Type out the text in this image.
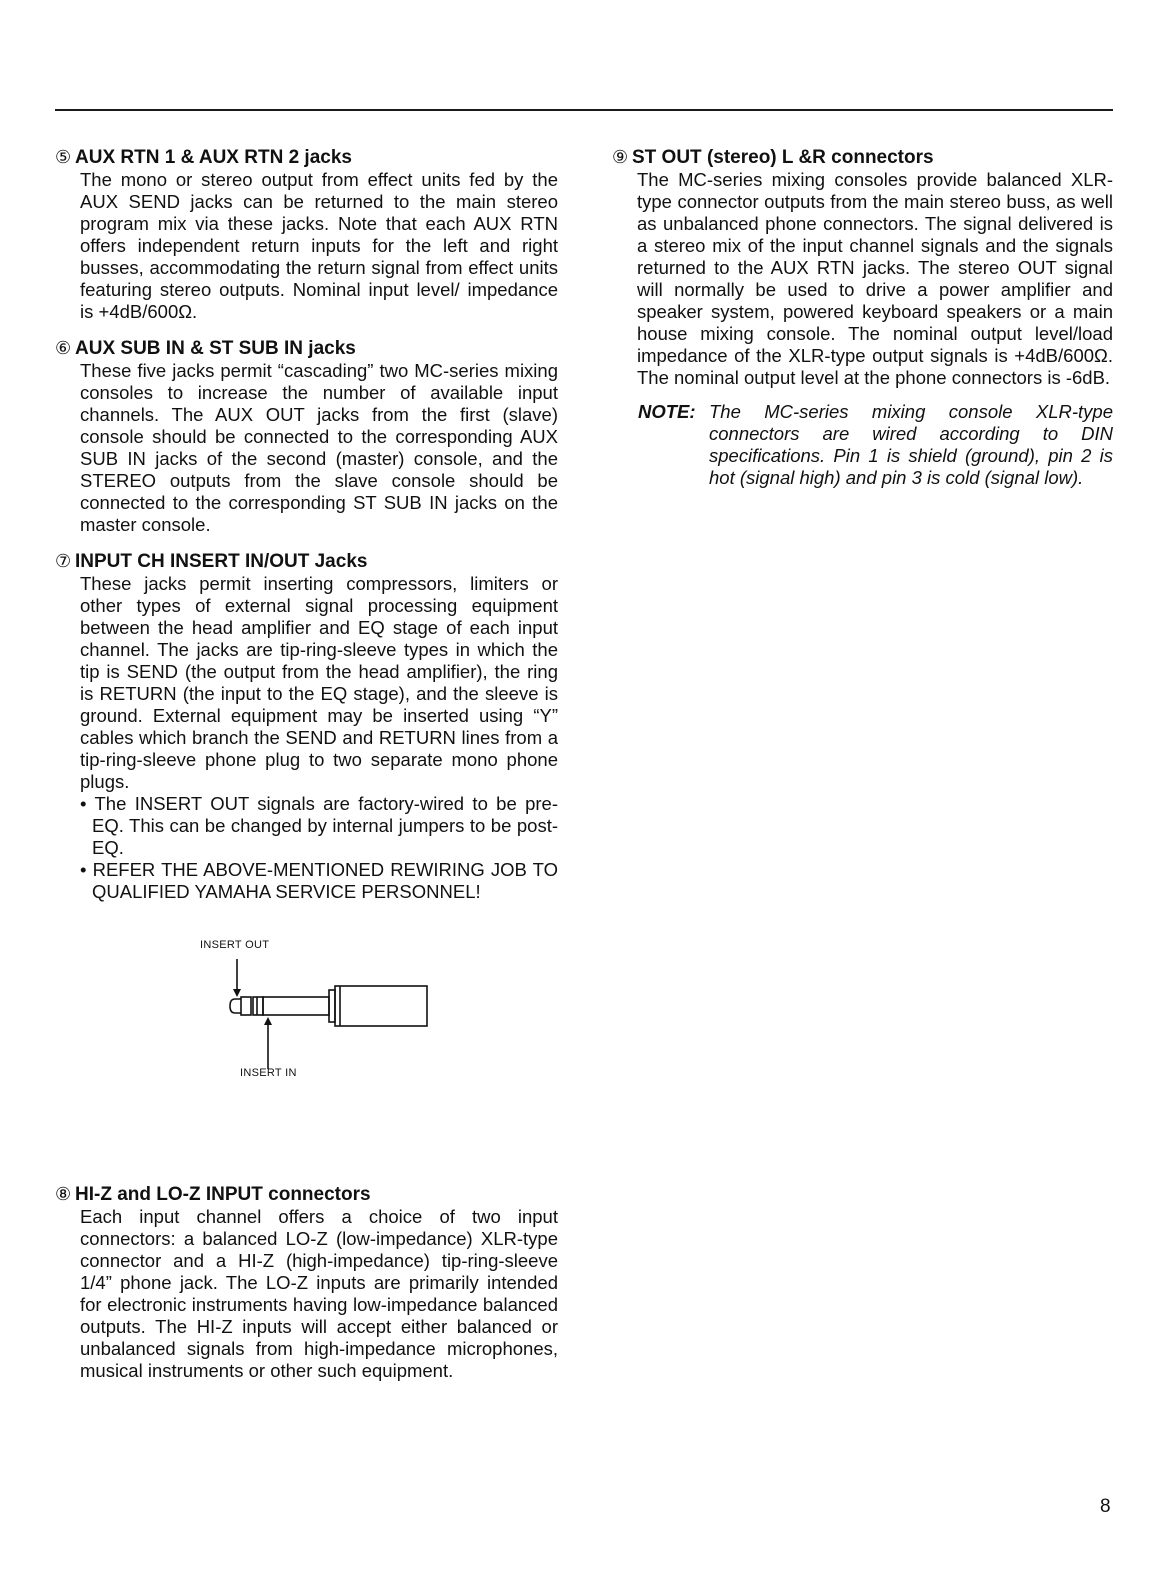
⑤ AUX RTN 1 & AUX RTN 2 jacks

The mono or stereo output from effect units fed by the AUX SEND jacks can be returned to the main stereo program mix via these jacks. Note that each AUX RTN offers independent return inputs for the left and right busses, accommodating the return signal from effect units featuring stereo outputs. Nominal input level/ impedance is +4dB/600Ω.

⑥ AUX SUB IN & ST SUB IN jacks

These five jacks permit “cascading” two MC-series mixing consoles to increase the number of available input channels. The AUX OUT jacks from the first (slave) console should be connected to the corresponding AUX SUB IN jacks of the second (master) console, and the STEREO outputs from the slave console should be connected to the corresponding ST SUB IN jacks on the master console.

⑦ INPUT CH INSERT IN/OUT Jacks

These jacks permit inserting compressors, limiters or other types of external signal processing equipment between the head amplifier and EQ stage of each input channel. The jacks are tip-ring-sleeve types in which the tip is SEND (the output from the head amplifier), the ring is RETURN (the input to the EQ stage), and the sleeve is ground. External equipment may be inserted using “Y” cables which branch the SEND and RETURN lines from a tip-ring-sleeve phone plug to two separate mono phone plugs.

• The INSERT OUT signals are factory-wired to be pre-EQ. This can be changed by internal jumpers to be post-EQ.

• REFER THE ABOVE-MENTIONED REWIRING JOB TO QUALIFIED YAMAHA SERVICE PERSONNEL!

INSERT OUT
INSERT IN
⑧ HI-Z and LO-Z INPUT connectors

Each input channel offers a choice of two input connectors: a balanced LO-Z (low-impedance) XLR-type connector and a HI-Z (high-impedance) tip-ring-sleeve 1/4” phone jack. The LO-Z inputs are primarily intended for electronic instruments having low-impedance balanced outputs. The HI-Z inputs will accept either balanced or unbalanced signals from high-impedance microphones, musical instruments or other such equipment.

⑨ ST OUT (stereo) L &R connectors

The MC-series mixing consoles provide balanced XLR-type connector outputs from the main stereo buss, as well as unbalanced phone connectors. The signal delivered is a stereo mix of the input channel signals and the signals returned to the AUX RTN jacks. The stereo OUT signal will normally be used to drive a power amplifier and speaker system, powered keyboard speakers or a main house mixing console. The nominal output level/load impedance of the XLR-type output signals is +4dB/600Ω. The nominal output level at the phone connectors is -6dB.

NOTE: The MC-series mixing console XLR-type connectors are wired according to DIN specifications. Pin 1 is shield (ground), pin 2 is hot (signal high) and pin 3 is cold (signal low).
8
